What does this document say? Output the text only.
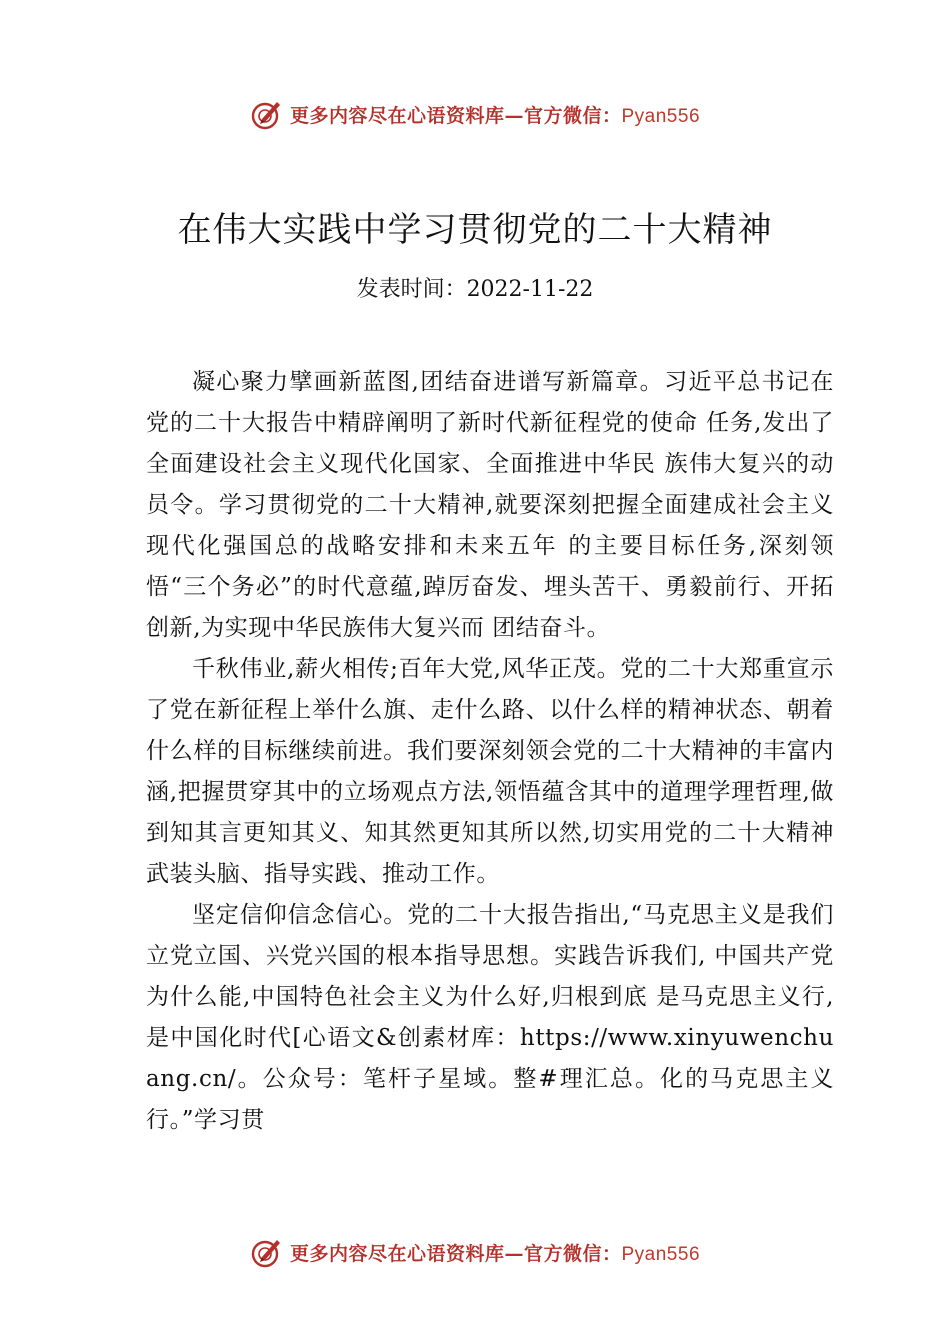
更多内容尽在心语资料库—官方微信：Pyan556
在伟大实践中学习贯彻党的二十大精神
发表时间：2022-11-22

凝心聚力擘画新蓝图,团结奋进谱写新篇章。习近平总书记在党的二十大报告中精辟阐明了新时代新征程党的使命 任务,发出了全面建设社会主义现代化国家、全面推进中华民 族伟大复兴的动员令。学习贯彻党的二十大精神,就要深刻把握全面建成社会主义现代化强国总的战略安排和未来五年 的主要目标任务,深刻领悟“三个务必”的时代意蕴,踔厉奋发、埋头苦干、勇毅前行、开拓创新,为实现中华民族伟大复兴而 团结奋斗。

千秋伟业,薪火相传;百年大党,风华正茂。党的二十大郑重宣示了党在新征程上举什么旗、走什么路、以什么样的精神状态、朝着什么样的目标继续前进。我们要深刻领会党的二十大精神的丰富内涵,把握贯穿其中的立场观点方法,领悟蕴含其中的道理学理哲理,做到知其言更知其义、知其然更知其所以然,切实用党的二十大精神武装头脑、指导实践、推动工作。

坚定信仰信念信心。党的二十大报告指出,“马克思主义是我们立党立国、兴党兴国的根本指导思想。实践告诉我们, 中国共产党为什么能,中国特色社会主义为什么好,归根到底 是马克思主义行,是中国化时代[心语文&创素材库：https://www.xinyuwenchuang.cn/。公众号：笔杆子星域。整#理汇总。化的马克思主义行。”学习贯

更多内容尽在心语资料库—官方微信：Pyan556
